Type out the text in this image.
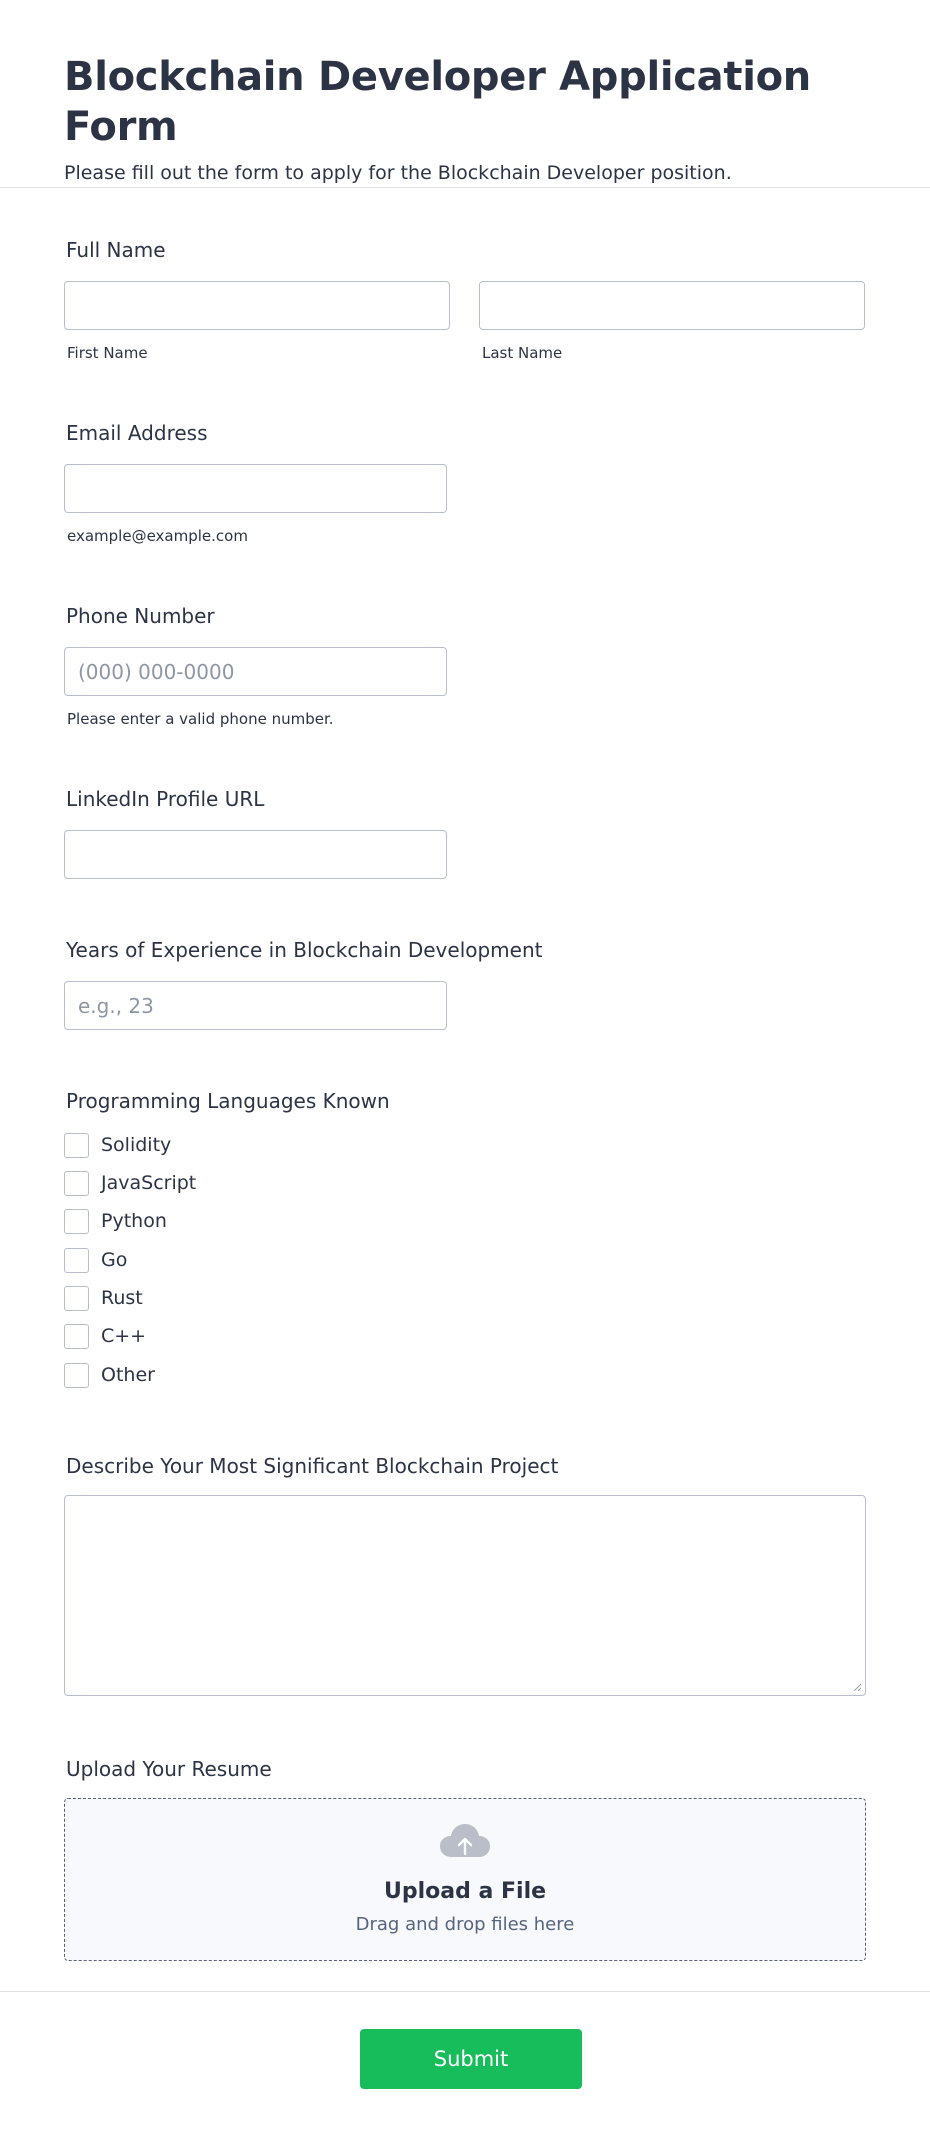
Blockchain Developer Application Form
Please fill out the form to apply for the Blockchain Developer position.
Full Name
First Name	Last Name
Email Address
example@example.com
Phone Number
(000) 000-0000
Please enter a valid phone number.
LinkedIn Profile URL
Years of Experience in Blockchain Development
e.g., 23
Programming Languages Known
Solidity
JavaScript
Python
Go
Rust
C++
Other
Describe Your Most Significant Blockchain Project
Upload Your Resume
Upload a File
Drag and drop files here
Submit
